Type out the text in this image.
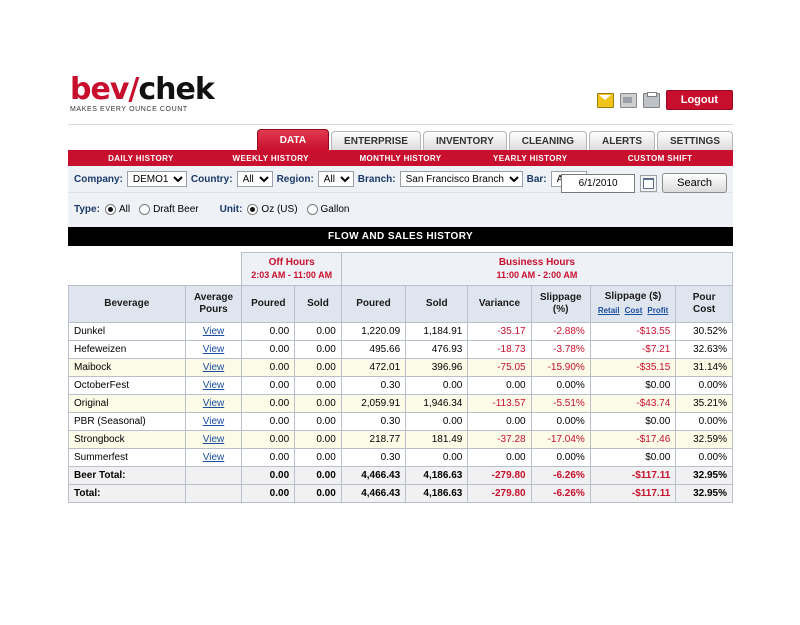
bev/chek
MAKES EVERY OUNCE COUNT
Logout
DATA	ENTERPRISE	INVENTORY	CLEANING	ALERTS	SETTINGS
DAILY HISTORY	WEEKLY HISTORY	MONTHLY HISTORY	YEARLY HISTORY	CUSTOM SHIFT
Company:
DEMO1	Country:
All	Region:
All	Branch:
San Francisco Branch	Bar:
All
Type: All Draft Beer Unit: Oz (US) Gallon
6/1/2010
Search
FLOW AND SALES HISTORY

Off Hours
2:03 AM - 11:00 AM

Business Hours
11:00 AM - 2:00 AM

Beverage	Average Pours	Poured	Sold	Poured	Sold	Variance	Slippage (%)	Slippage ($)
Retail Cost Profit	Pour Cost
Dunkel	View	0.00	0.00	1,220.09	1,184.91	-35.17	-2.88%	-$13.55	30.52%
Hefeweizen	View	0.00	0.00	495.66	476.93	-18.73	-3.78%	-$7.21	32.63%
Maibock	View	0.00	0.00	472.01	396.96	-75.05	-15.90%	-$35.15	31.14%
OctoberFest	View	0.00	0.00	0.30	0.00	0.00	0.00%	$0.00	0.00%
Original	View	0.00	0.00	2,059.91	1,946.34	-113.57	-5.51%	-$43.74	35.21%
PBR (Seasonal)	View	0.00	0.00	0.30	0.00	0.00	0.00%	$0.00	0.00%
Strongbock	View	0.00	0.00	218.77	181.49	-37.28	-17.04%	-$17.46	32.59%
Summerfest	View	0.00	0.00	0.30	0.00	0.00	0.00%	$0.00	0.00%
Beer Total:		0.00	0.00	4,466.43	4,186.63	-279.80	-6.26%	-$117.11	32.95%
Total:		0.00	0.00	4,466.43	4,186.63	-279.80	-6.26%	-$117.11	32.95%
